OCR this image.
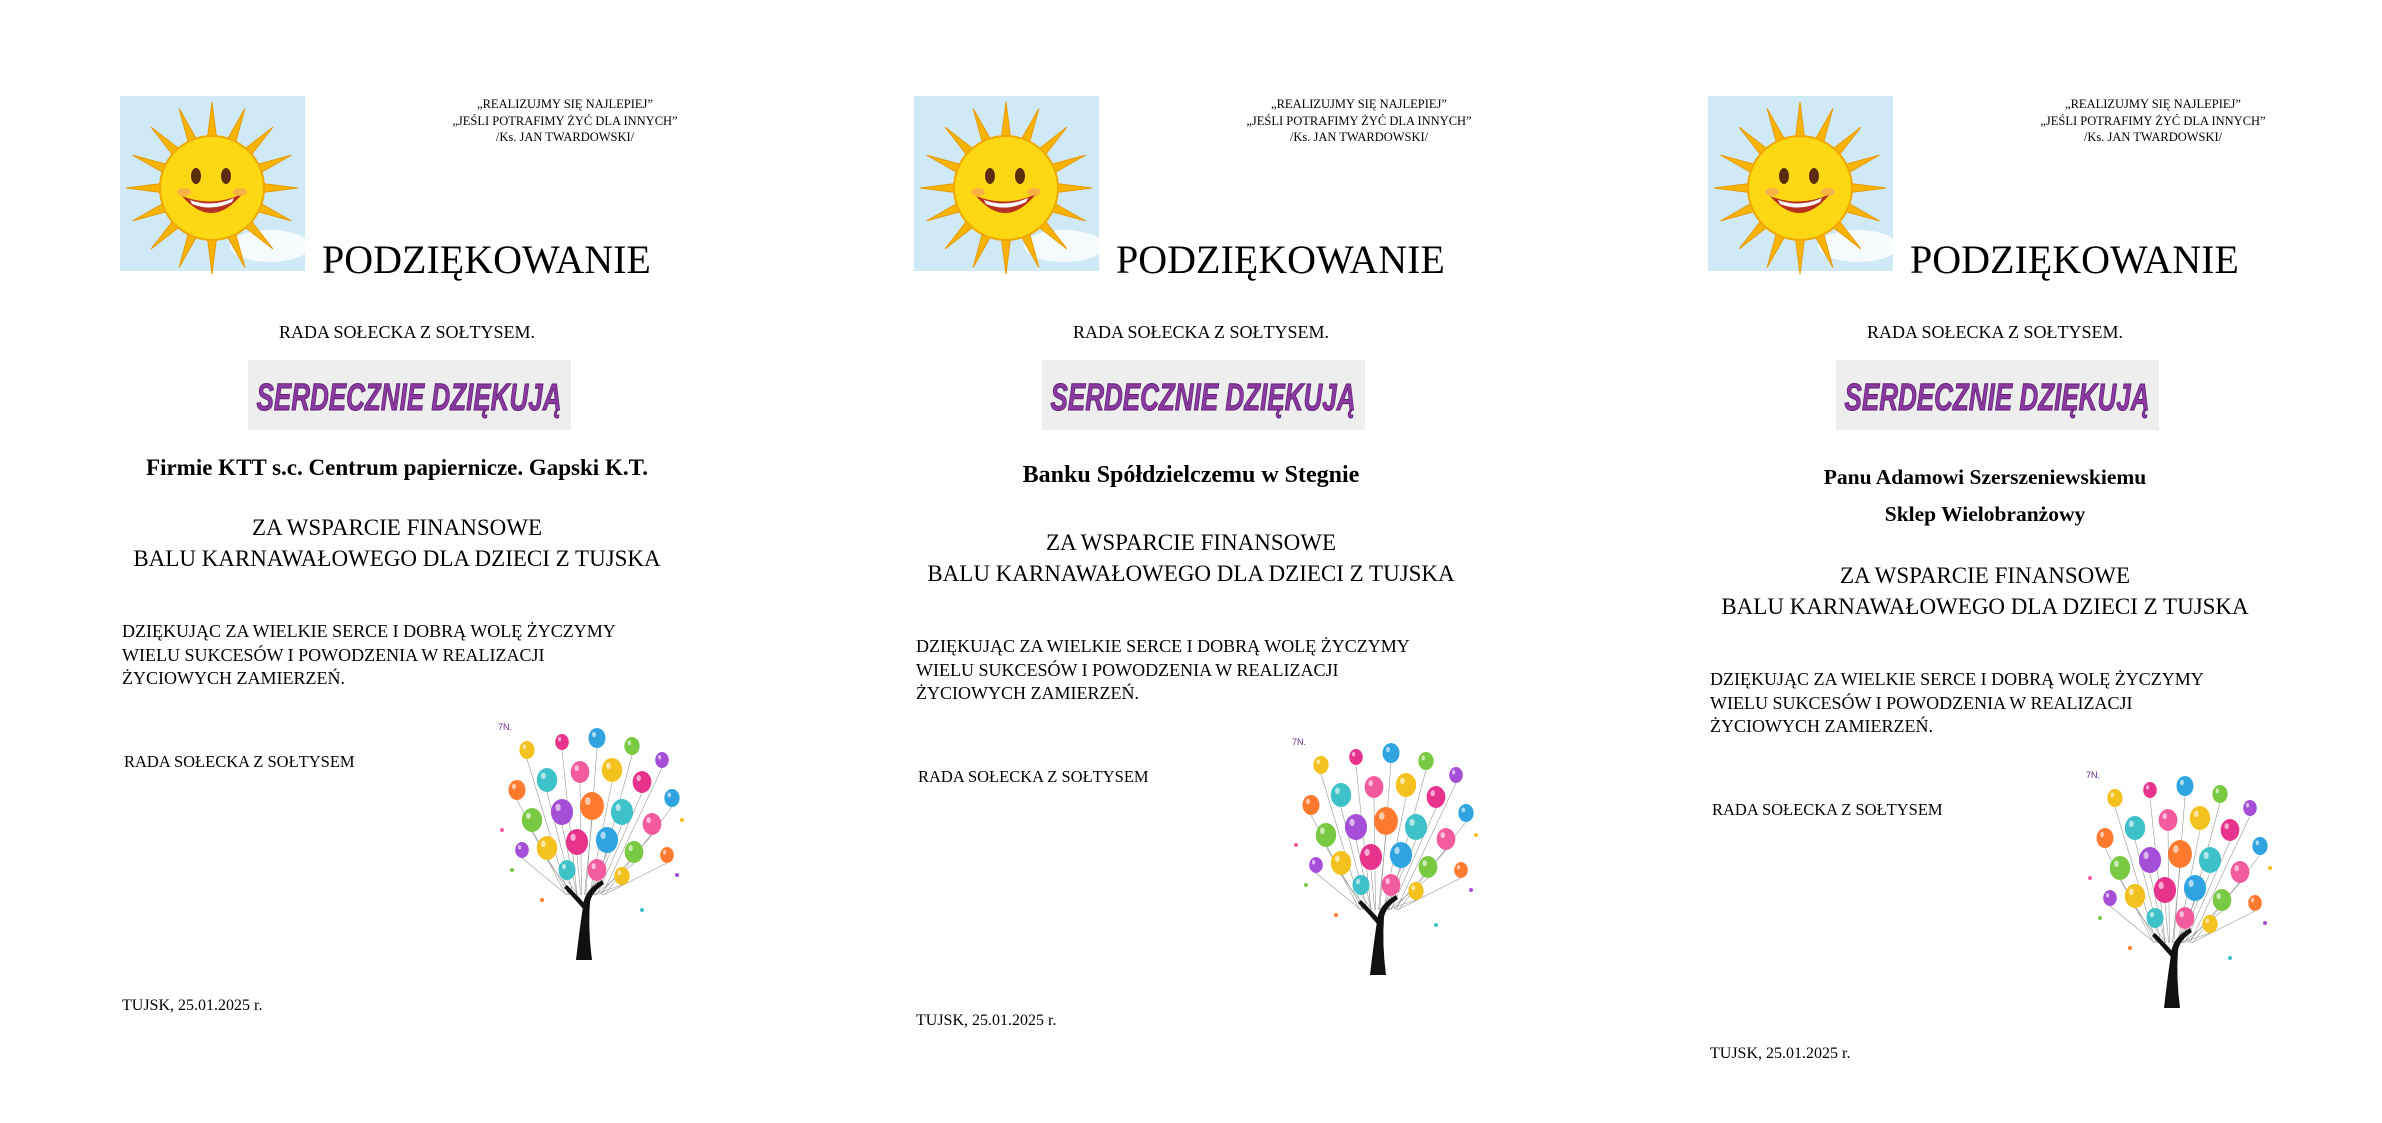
„REALIZUJMY SIĘ NAJLEPIEJ”
„JEŚLI POTRAFIMY ŻYĆ DLA INNYCH”
/Ks. JAN TWARDOWSKI/
PODZIĘKOWANIE
RADA SOŁECKA Z SOŁTYSEM.
SERDECZNIE DZIĘKUJĄ
Firmie KTT s.c. Centrum papiernicze. Gapski K.T.
ZA WSPARCIE FINANSOWE
BALU KARNAWAŁOWEGO DLA DZIECI Z TUJSKA
DZIĘKUJĄC ZA WIELKIE SERCE I DOBRĄ WOLĘ ŻYCZYMY
WIELU SUKCESÓW I POWODZENIA W REALIZACJI
ŻYCIOWYCH ZAMIERZEŃ.
RADA SOŁECKA Z SOŁTYSEM
7N.
TUJSK, 25.01.2025 r.
„REALIZUJMY SIĘ NAJLEPIEJ”
„JEŚLI POTRAFIMY ŻYĆ DLA INNYCH”
/Ks. JAN TWARDOWSKI/
PODZIĘKOWANIE
RADA SOŁECKA Z SOŁTYSEM.
SERDECZNIE DZIĘKUJĄ
Banku Spółdzielczemu w Stegnie
ZA WSPARCIE FINANSOWE
BALU KARNAWAŁOWEGO DLA DZIECI Z TUJSKA
DZIĘKUJĄC ZA WIELKIE SERCE I DOBRĄ WOLĘ ŻYCZYMY
WIELU SUKCESÓW I POWODZENIA W REALIZACJI
ŻYCIOWYCH ZAMIERZEŃ.
RADA SOŁECKA Z SOŁTYSEM
7N.
TUJSK, 25.01.2025 r.
„REALIZUJMY SIĘ NAJLEPIEJ”
„JEŚLI POTRAFIMY ŻYĆ DLA INNYCH”
/Ks. JAN TWARDOWSKI/
PODZIĘKOWANIE
RADA SOŁECKA Z SOŁTYSEM.
SERDECZNIE DZIĘKUJĄ
Panu Adamowi Szerszeniewskiemu
Sklep Wielobranżowy
ZA WSPARCIE FINANSOWE
BALU KARNAWAŁOWEGO DLA DZIECI Z TUJSKA
DZIĘKUJĄC ZA WIELKIE SERCE I DOBRĄ WOLĘ ŻYCZYMY
WIELU SUKCESÓW I POWODZENIA W REALIZACJI
ŻYCIOWYCH ZAMIERZEŃ.
RADA SOŁECKA Z SOŁTYSEM
7N.
TUJSK, 25.01.2025 r.
